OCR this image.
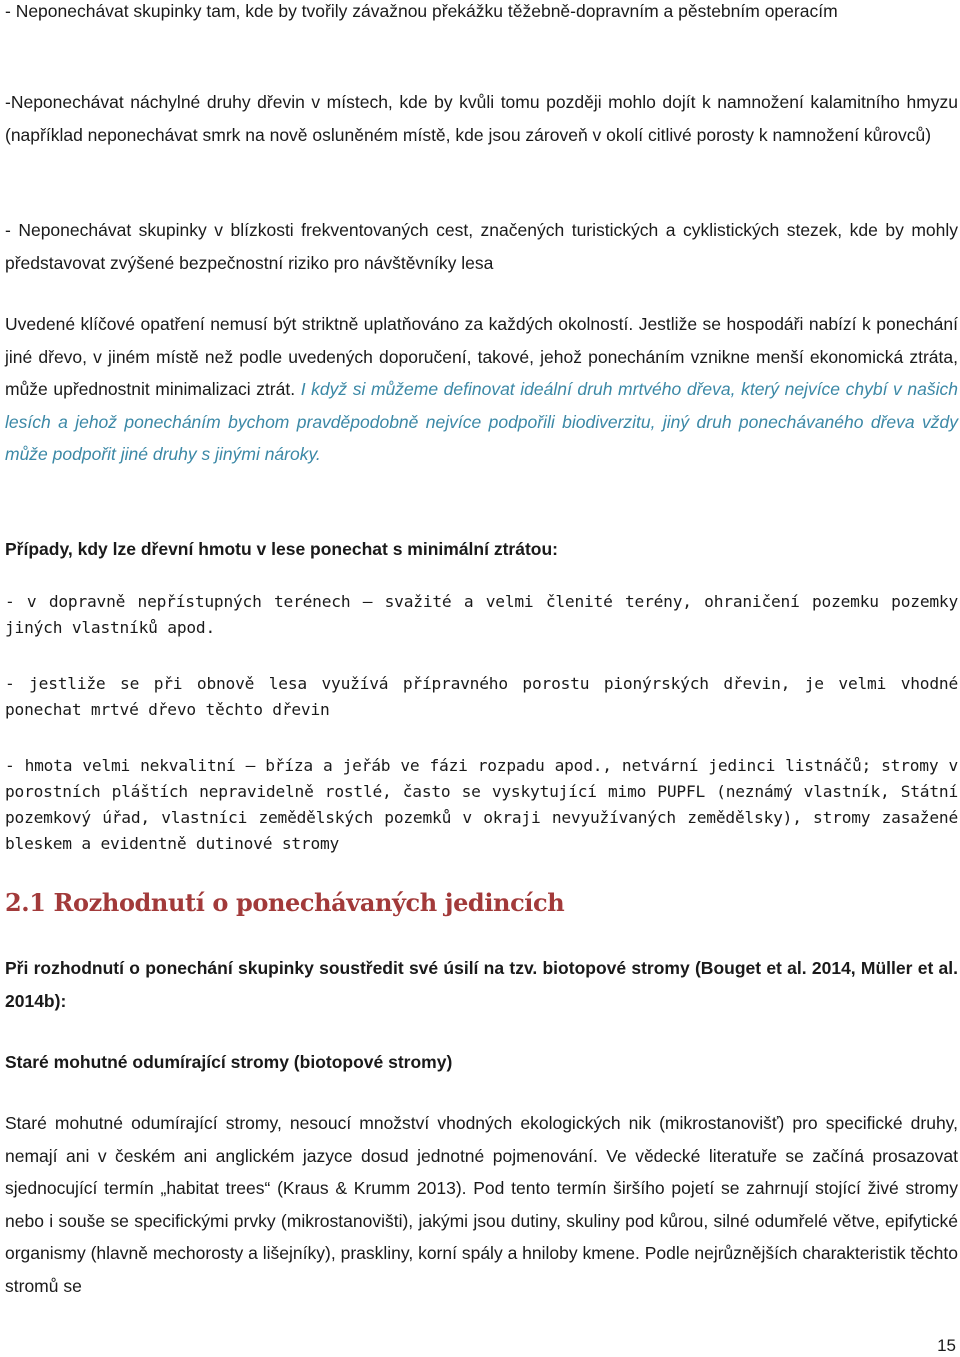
- Neponechávat skupinky tam, kde by tvořily závažnou překážku těžebně-dopravním a pěstebním operacím

-Neponechávat náchylné druhy dřevin v místech, kde by kvůli tomu později mohlo dojít k namnožení kalamitního hmyzu (například neponechávat smrk na nově osluněném místě, kde jsou zároveň v okolí citlivé porosty k namnožení kůrovců)

- Neponechávat skupinky v blízkosti frekventovaných cest, značených turistických a cyklistických stezek, kde by mohly představovat zvýšené bezpečnostní riziko pro návštěvníky lesa

Uvedené klíčové opatření nemusí být striktně uplatňováno za každých okolností. Jestliže se hospodáři nabízí k ponechání jiné dřevo, v jiném místě než podle uvedených doporučení, takové, jehož ponecháním vznikne menší ekonomická ztráta, může upřednostnit minimalizaci ztrát. I když si můžeme definovat ideální druh mrtvého dřeva, který nejvíce chybí v našich lesích a jehož ponecháním bychom pravděpodobně nejvíce podpořili biodiverzitu, jiný druh ponechávaného dřeva vždy může podpořit jiné druhy s jinými nároky.

Případy, kdy lze dřevní hmotu v lese ponechat s minimální ztrátou:

- v dopravně nepřístupných terénech – svažité a velmi členité terény, ohraničení pozemku pozemky jiných vlastníků apod.

- jestliže se při obnově lesa využívá přípravného porostu pionýrských dřevin, je velmi vhodné ponechat mrtvé dřevo těchto dřevin

- hmota velmi nekvalitní – bříza a jeřáb ve fázi rozpadu apod., netvární jedinci listnáčů; stromy v porostních pláštích nepravidelně rostlé, často se vyskytující mimo PUPFL (neznámý vlastník, Státní pozemkový úřad, vlastníci zemědělských pozemků v okraji nevyužívaných zemědělsky), stromy zasažené bleskem a evidentně dutinové stromy

2.1 Rozhodnutí o ponechávaných jedincích

Při rozhodnutí o ponechání skupinky soustředit své úsilí na tzv. biotopové stromy (Bouget et al. 2014, Müller et al. 2014b):

Staré mohutné odumírající stromy (biotopové stromy)

Staré mohutné odumírající stromy, nesoucí množství vhodných ekologických nik (mikrostanovišť) pro specifické druhy, nemají ani v českém ani anglickém jazyce dosud jednotné pojmenování. Ve vědecké literatuře se začíná prosazovat sjednocující termín „habitat trees“ (Kraus & Krumm 2013). Pod tento termín širšího pojetí se zahrnují stojící živé stromy nebo i souše se specifickými prvky (mikrostanovišti), jakými jsou dutiny, skuliny pod kůrou, silné odumřelé větve, epifytické organismy (hlavně mechorosty a lišejníky), praskliny, korní spály a hniloby kmene. Podle nejrůznějších charakteristik těchto stromů se

15
